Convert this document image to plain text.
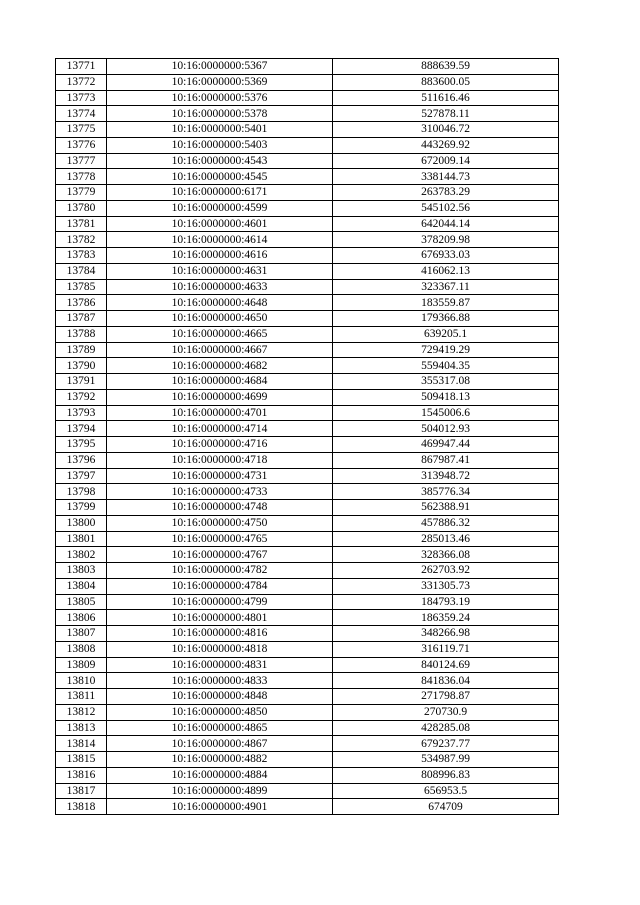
13771	10:16:0000000:5367	888639.59
13772	10:16:0000000:5369	883600.05
13773	10:16:0000000:5376	511616.46
13774	10:16:0000000:5378	527878.11
13775	10:16:0000000:5401	310046.72
13776	10:16:0000000:5403	443269.92
13777	10:16:0000000:4543	672009.14
13778	10:16:0000000:4545	338144.73
13779	10:16:0000000:6171	263783.29
13780	10:16:0000000:4599	545102.56
13781	10:16:0000000:4601	642044.14
13782	10:16:0000000:4614	378209.98
13783	10:16:0000000:4616	676933.03
13784	10:16:0000000:4631	416062.13
13785	10:16:0000000:4633	323367.11
13786	10:16:0000000:4648	183559.87
13787	10:16:0000000:4650	179366.88
13788	10:16:0000000:4665	639205.1
13789	10:16:0000000:4667	729419.29
13790	10:16:0000000:4682	559404.35
13791	10:16:0000000:4684	355317.08
13792	10:16:0000000:4699	509418.13
13793	10:16:0000000:4701	1545006.6
13794	10:16:0000000:4714	504012.93
13795	10:16:0000000:4716	469947.44
13796	10:16:0000000:4718	867987.41
13797	10:16:0000000:4731	313948.72
13798	10:16:0000000:4733	385776.34
13799	10:16:0000000:4748	562388.91
13800	10:16:0000000:4750	457886.32
13801	10:16:0000000:4765	285013.46
13802	10:16:0000000:4767	328366.08
13803	10:16:0000000:4782	262703.92
13804	10:16:0000000:4784	331305.73
13805	10:16:0000000:4799	184793.19
13806	10:16:0000000:4801	186359.24
13807	10:16:0000000:4816	348266.98
13808	10:16:0000000:4818	316119.71
13809	10:16:0000000:4831	840124.69
13810	10:16:0000000:4833	841836.04
13811	10:16:0000000:4848	271798.87
13812	10:16:0000000:4850	270730.9
13813	10:16:0000000:4865	428285.08
13814	10:16:0000000:4867	679237.77
13815	10:16:0000000:4882	534987.99
13816	10:16:0000000:4884	808996.83
13817	10:16:0000000:4899	656953.5
13818	10:16:0000000:4901	674709
